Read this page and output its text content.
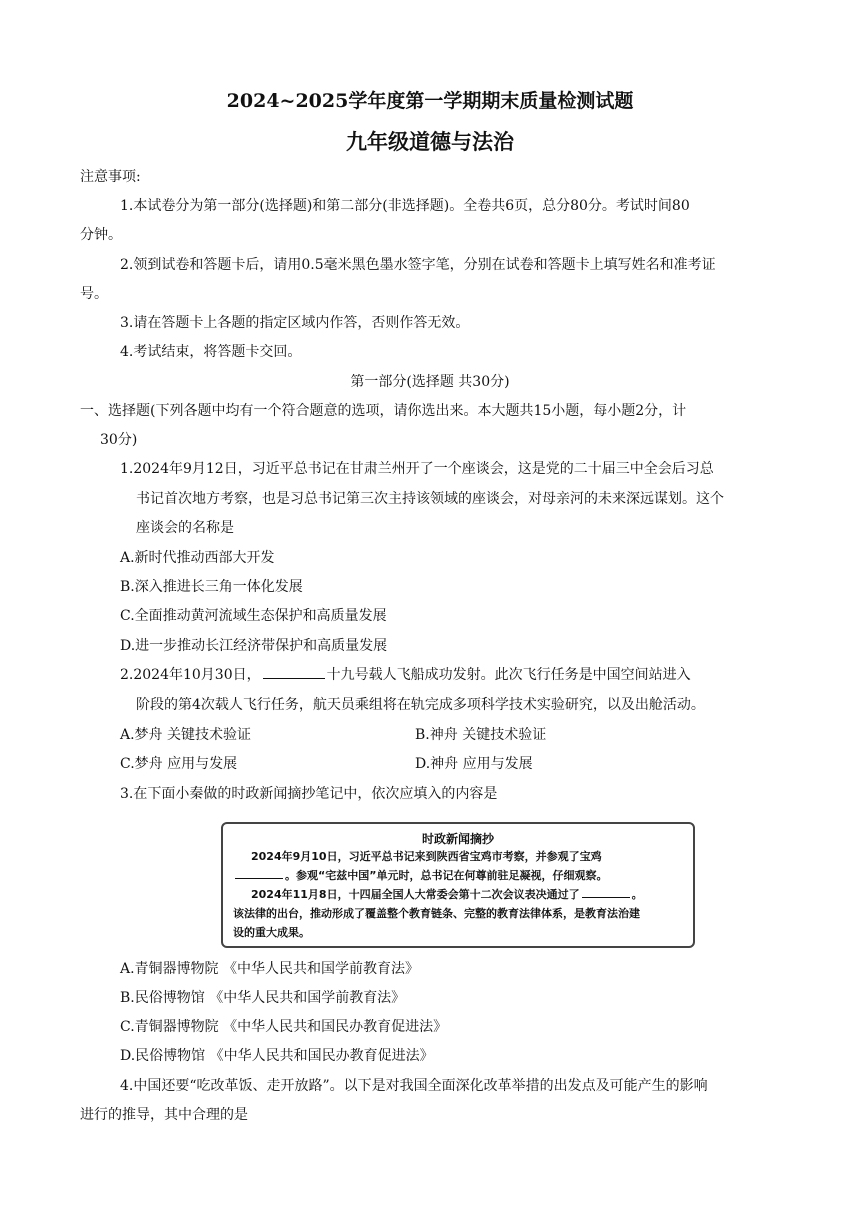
2024~2025学年度第一学期期末质量检测试题
九年级道德与法治
注意事项:
1.本试卷分为第一部分(选择题)和第二部分(非选择题)。全卷共6页，总分80分。考试时间80
分钟。
2.领到试卷和答题卡后，请用0.5毫米黑色墨水签字笔，分别在试卷和答题卡上填写姓名和准考证
号。
3.请在答题卡上各题的指定区域内作答，否则作答无效。
4.考试结束，将答题卡交回。
第一部分(选择题 共30分)
一、选择题(下列各题中均有一个符合题意的选项，请你选出来。本大题共15小题，每小题2分，计
30分)
1.2024年9月12日，习近平总书记在甘肃兰州开了一个座谈会，这是党的二十届三中全会后习总
书记首次地方考察，也是习总书记第三次主持该领域的座谈会，对母亲河的未来深远谋划。这个
座谈会的名称是
A.新时代推动西部大开发
B.深入推进长三角一体化发展
C.全面推动黄河流域生态保护和高质量发展
D.进一步推动长江经济带保护和高质量发展
2.2024年10月30日，	十九号载人飞船成功发射。此次飞行任务是中国空间站进入
阶段的第4次载人飞行任务，航天员乘组将在轨完成多项科学技术实验研究，以及出舱活动。
A.梦舟 关键技术验证	B.神舟 关键技术验证
C.梦舟 应用与发展	D.神舟 应用与发展
3.在下面小秦做的时政新闻摘抄笔记中，依次应填入的内容是
时政新闻摘抄
2024年9月10日，习近平总书记来到陕西省宝鸡市考察，并参观了宝鸡
。参观“宅兹中国”单元时，总书记在何尊前驻足凝视，仔细观察。
2024年11月8日，十四届全国人大常委会第十二次会议表决通过了	。
该法律的出台，推动形成了覆盖整个教育链条、完整的教育法律体系，是教育法治建
设的重大成果。
A.青铜器博物院 《中华人民共和国学前教育法》
B.民俗博物馆 《中华人民共和国学前教育法》
C.青铜器博物院 《中华人民共和国民办教育促进法》
D.民俗博物馆 《中华人民共和国民办教育促进法》
4.中国还要“吃改革饭、走开放路”。以下是对我国全面深化改革举措的出发点及可能产生的影响
进行的推导，其中合理的是
